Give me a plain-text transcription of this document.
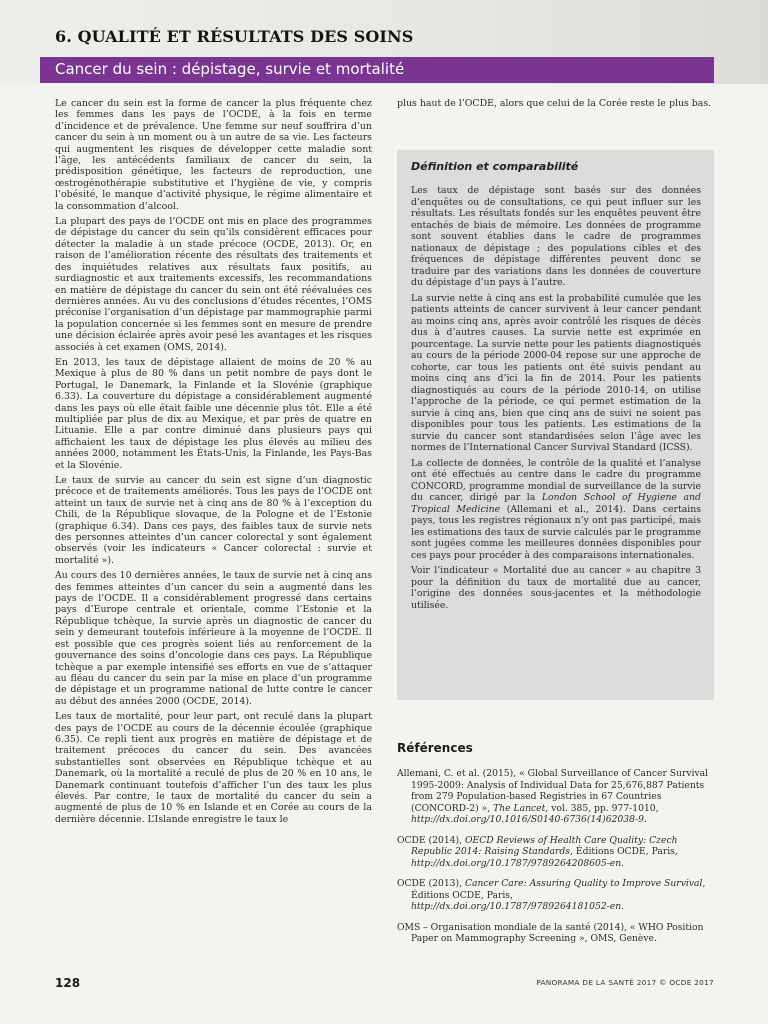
6. QUALITÉ ET RÉSULTATS DES SOINS
Cancer du sein : dépistage, survie et mortalité

Le cancer du sein est la forme de cancer la plus fréquente chez les femmes dans les pays de l’OCDE, à la fois en terme d’incidence et de prévalence. Une femme sur neuf souffrira d’un cancer du sein à un moment ou à un autre de sa vie. Les facteurs qui augmentent les risques de développer cette maladie sont l’âge, les antécédents familiaux de cancer du sein, la prédisposition génétique, les facteurs de reproduction, une œstrogénothérapie substitutive et l’hygiène de vie, y compris l’obésité, le manque d’activité physique, le régime alimentaire et la consommation d’alcool.

La plupart des pays de l’OCDE ont mis en place des programmes de dépistage du cancer du sein qu’ils considèrent efficaces pour détecter la maladie à un stade précoce (OCDE, 2013). Or, en raison de l’amélioration récente des résultats des traitements et des inquiétudes relatives aux résultats faux positifs, au surdiagnostic et aux traitements excessifs, les recommandations en matière de dépistage du cancer du sein ont été réévaluées ces dernières années. Au vu des conclusions d’études récentes, l’OMS préconise l’organisation d’un dépistage par mammographie parmi la population concernée si les femmes sont en mesure de prendre une décision éclairée après avoir pesé les avantages et les risques associés à cet examen (OMS, 2014).

En 2013, les taux de dépistage allaient de moins de 20 % au Mexique à plus de 80 % dans un petit nombre de pays dont le Portugal, le Danemark, la Finlande et la Slovénie (graphique 6.33). La couverture du dépistage a considérablement augmenté dans les pays où elle était faible une décennie plus tôt. Elle a été multipliée par plus de dix au Mexique, et par près de quatre en Lituanie. Elle a par contre diminué dans plusieurs pays qui affichaient les taux de dépistage les plus élevés au milieu des années 2000, notamment les États-Unis, la Finlande, les Pays-Bas et la Slovénie.

Le taux de survie au cancer du sein est signe d’un diagnostic précoce et de traitements améliorés. Tous les pays de l’OCDE ont atteint un taux de survie net à cinq ans de 80 % à l’exception du Chili, de la République slovaque, de la Pologne et de l’Estonie (graphique 6.34). Dans ces pays, des faibles taux de survie nets des personnes atteintes d’un cancer colorectal y sont également observés (voir les indicateurs « Cancer colorectal : survie et mortalité »).

Au cours des 10 dernières années, le taux de survie net à cinq ans des femmes atteintes d’un cancer du sein a augmenté dans les pays de l’OCDE. Il a considérablement progressé dans certains pays d’Europe centrale et orientale, comme l’Estonie et la République tchèque, la survie après un diagnostic de cancer du sein y demeurant toutefois inférieure à la moyenne de l’OCDE. Il est possible que ces progrès soient liés au renforcement de la gouvernance des soins d’oncologie dans ces pays. La République tchèque a par exemple intensifié ses efforts en vue de s’attaquer au fléau du cancer du sein par la mise en place d’un programme de dépistage et un programme national de lutte contre le cancer au début des années 2000 (OCDE, 2014).

Les taux de mortalité, pour leur part, ont reculé dans la plupart des pays de l’OCDE au cours de la décennie écoulée (graphique 6.35). Ce repli tient aux progrès en matière de dépistage et de traitement précoces du cancer du sein. Des avancées substantielles sont observées en République tchèque et au Danemark, où la mortalité a reculé de plus de 20 % en 10 ans, le Danemark continuant toutefois d’afficher l’un des taux les plus élevés. Par contre, le taux de mortalité du cancer du sein a augmenté de plus de 10 % en Islande et en Corée au cours de la dernière décennie. L’Islande enregistre le taux le

plus haut de l’OCDE, alors que celui de la Corée reste le plus bas.

Définition et comparabilité

Les taux de dépistage sont basés sur des données d’enquêtes ou de consultations, ce qui peut influer sur les résultats. Les résultats fondés sur les enquêtes peuvent être entachés de biais de mémoire. Les données de programme sont souvent établies dans le cadre de programmes nationaux de dépistage ; des populations cibles et des fréquences de dépistage différentes peuvent donc se traduire par des variations dans les données de couverture du dépistage d’un pays à l’autre.

La survie nette à cinq ans est la probabilité cumulée que les patients atteints de cancer survivent à leur cancer pendant au moins cinq ans, après avoir contrôlé les risques de décès dus à d’autres causes. La survie nette est exprimée en pourcentage. La survie nette pour les patients diagnostiqués au cours de la période 2000-04 repose sur une approche de cohorte, car tous les patients ont été suivis pendant au moins cinq ans d’ici la fin de 2014. Pour les patients diagnostiqués au cours de la période 2010-14, on utilise l’approche de la période, ce qui permet estimation de la survie à cinq ans, bien que cinq ans de suivi ne soient pas disponibles pour tous les patients. Les estimations de la survie du cancer sont standardisées selon l’âge avec les normes de l’International Cancer Survival Standard (ICSS).

La collecte de données, le contrôle de la qualité et l’analyse ont été effectués au centre dans le cadre du programme CONCORD, programme mondial de surveillance de la survie du cancer, dirigé par la London School of Hygiene and Tropical Medicine (Allemani et al., 2014). Dans certains pays, tous les registres régionaux n’y ont pas participé, mais les estimations des taux de survie calculés par le programme sont jugées comme les meilleures données disponibles pour ces pays pour procéder à des comparaisons internationales.

Voir l’indicateur « Mortalité due au cancer » au chapitre 3 pour la définition du taux de mortalité due au cancer, l’origine des données sous-jacentes et la méthodologie utilisée.

Références

Allemani, C. et al. (2015), « Global Surveillance of Cancer Survival 1995-2009: Analysis of Individual Data for 25,676,887 Patients from 279 Population-based Registries in 67 Countries (CONCORD-2) », The Lancet, vol. 385, pp. 977-1010, http://dx.doi.org/10.1016/S0140-6736(14)62038-9.

OCDE (2014), OECD Reviews of Health Care Quality: Czech Republic 2014: Raising Standards, Éditions OCDE, Paris, http://dx.doi.org/10.1787/9789264208605-en.

OCDE (2013), Cancer Care: Assuring Quality to Improve Survival, Éditions OCDE, Paris, http://dx.doi.org/10.1787/9789264181052-en.

OMS – Organisation mondiale de la santé (2014), « WHO Position Paper on Mammography Screening », OMS, Genève.

128	PANORAMA DE LA SANTÉ 2017 © OCDE 2017
